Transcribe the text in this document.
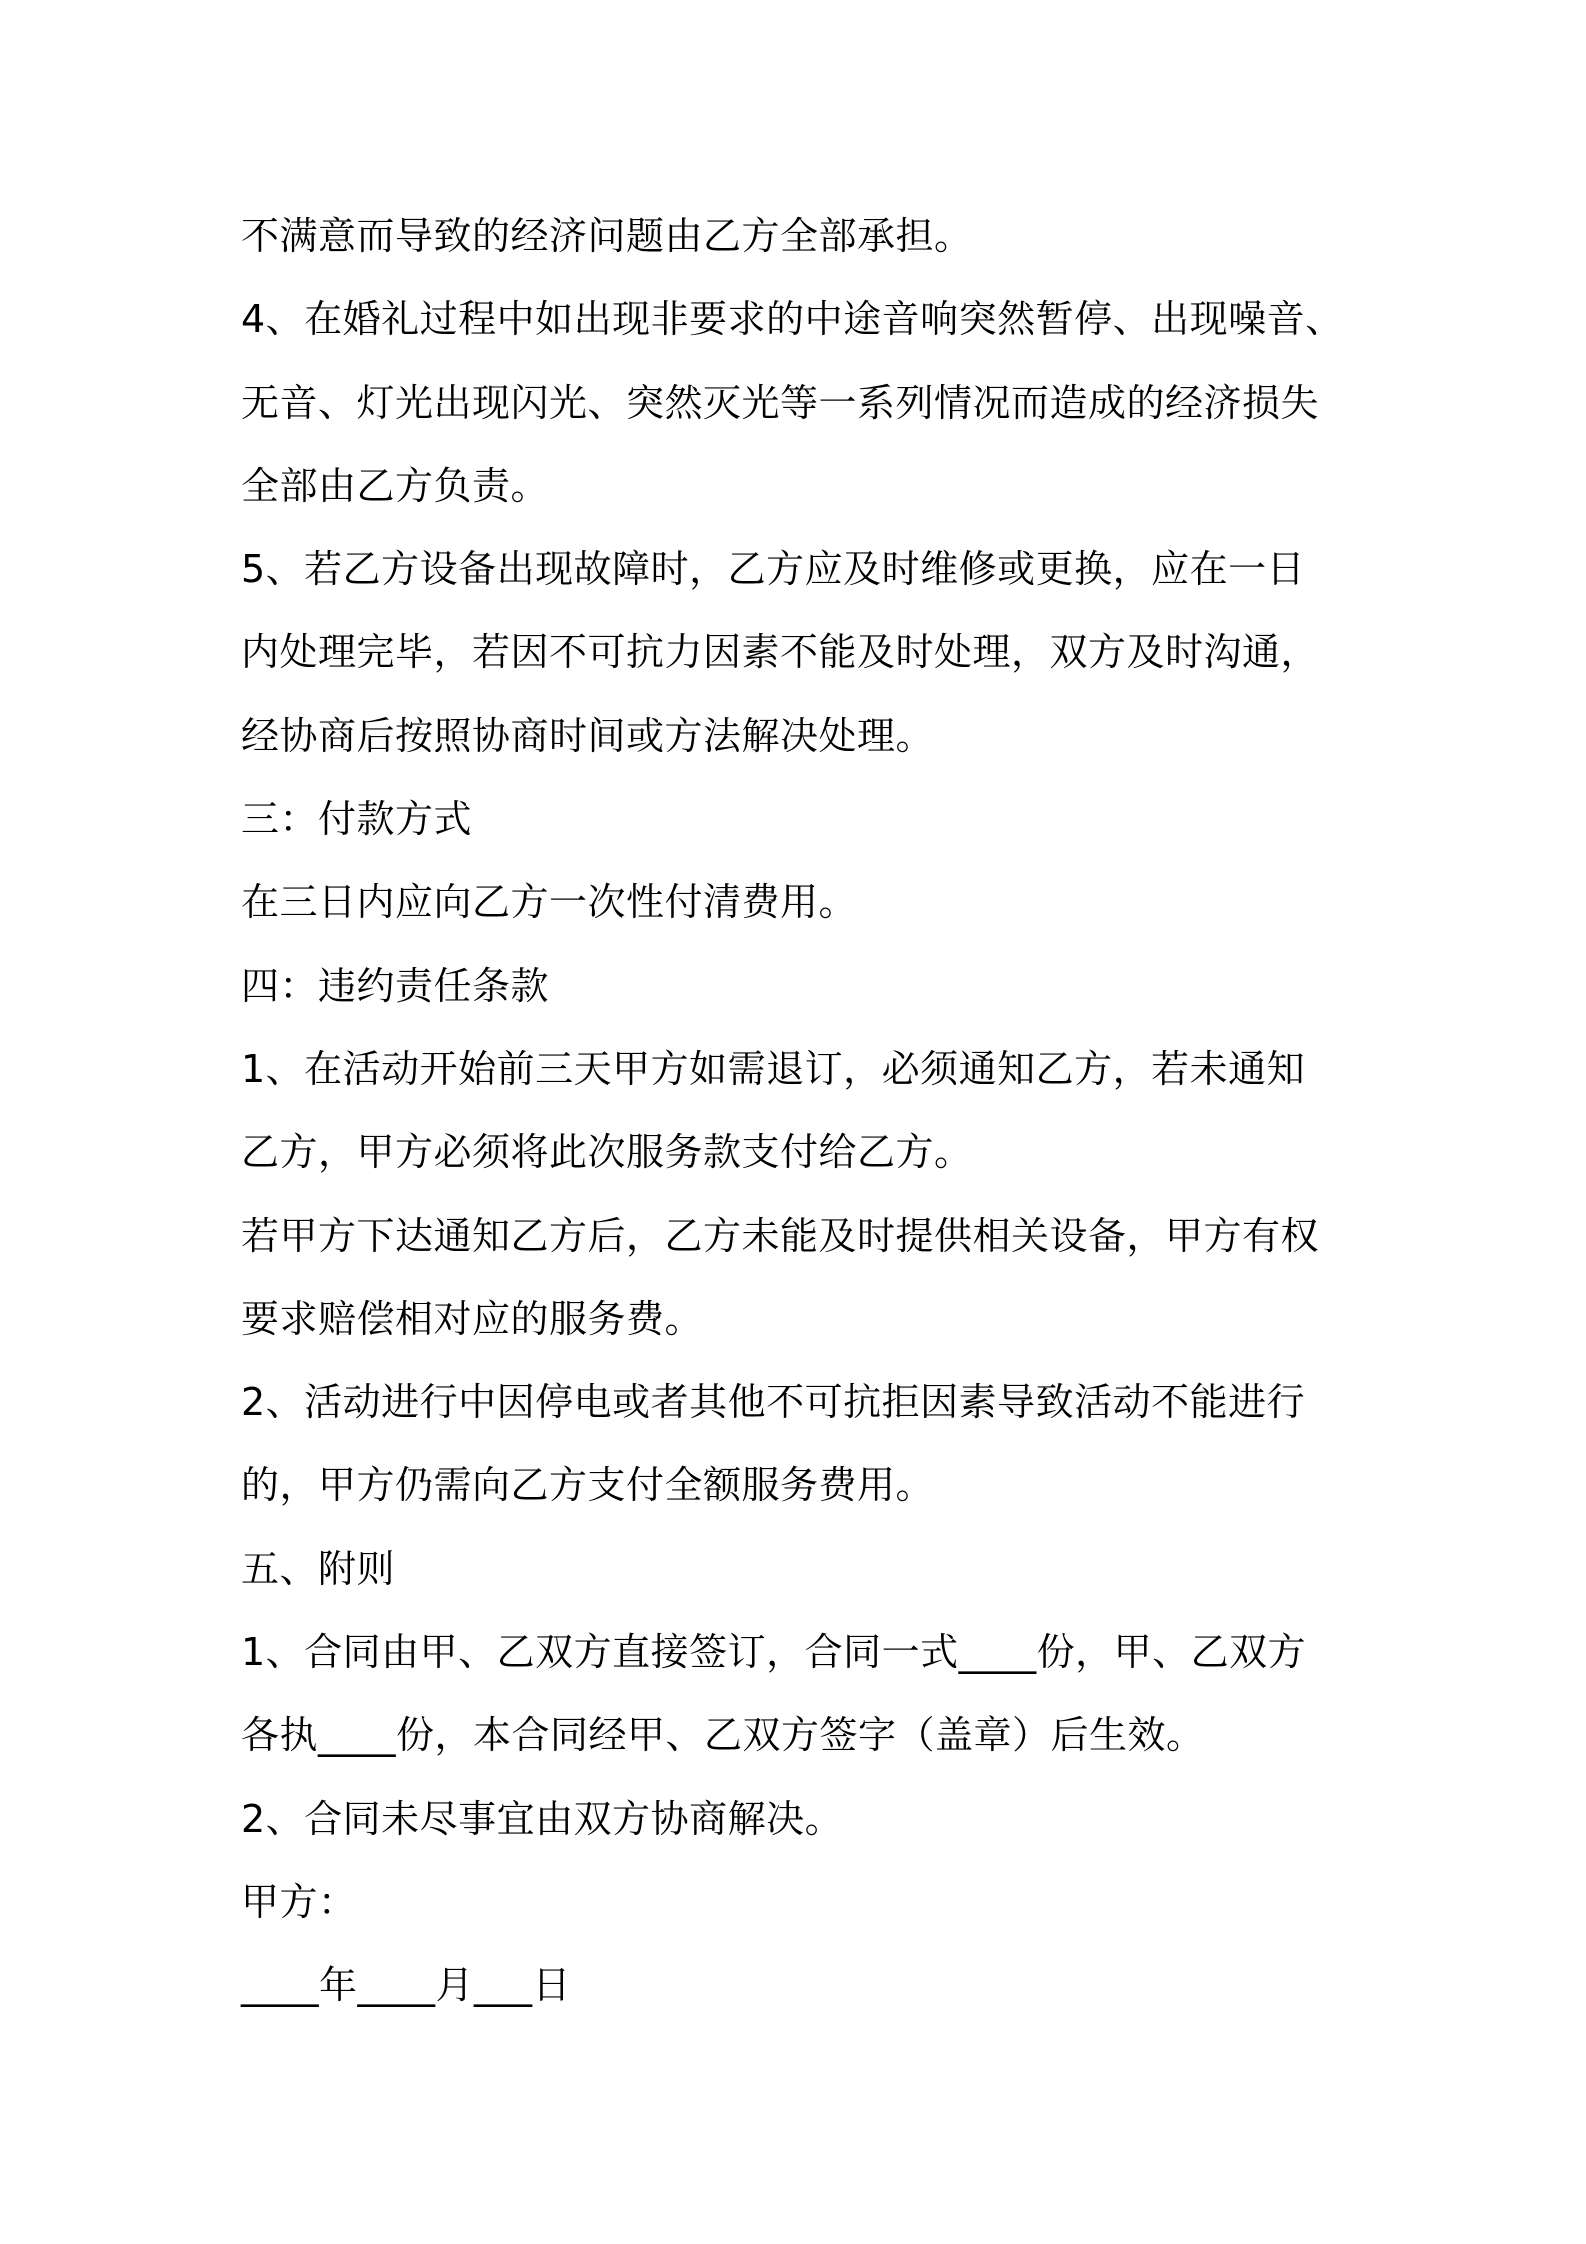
不满意而导致的经济问题由乙方全部承担。
4、在婚礼过程中如出现非要求的中途音响突然暂停、出现噪音、
无音、灯光出现闪光、突然灭光等一系列情况而造成的经济损失
全部由乙方负责。
5、若乙方设备出现故障时，乙方应及时维修或更换，应在一日
内处理完毕，若因不可抗力因素不能及时处理，双方及时沟通，
经协商后按照协商时间或方法解决处理。
三：付款方式
在三日内应向乙方一次性付清费用。
四：违约责任条款
1、在活动开始前三天甲方如需退订，必须通知乙方，若未通知
乙方，甲方必须将此次服务款支付给乙方。
若甲方下达通知乙方后，乙方未能及时提供相关设备，甲方有权
要求赔偿相对应的服务费。
2、活动进行中因停电或者其他不可抗拒因素导致活动不能进行
的，甲方仍需向乙方支付全额服务费用。
五、附则
1、合同由甲、乙双方直接签订，合同一式____份，甲、乙双方
各执____份，本合同经甲、乙双方签字（盖章）后生效。
2、合同未尽事宜由双方协商解决。
甲方：
____年____月___日
